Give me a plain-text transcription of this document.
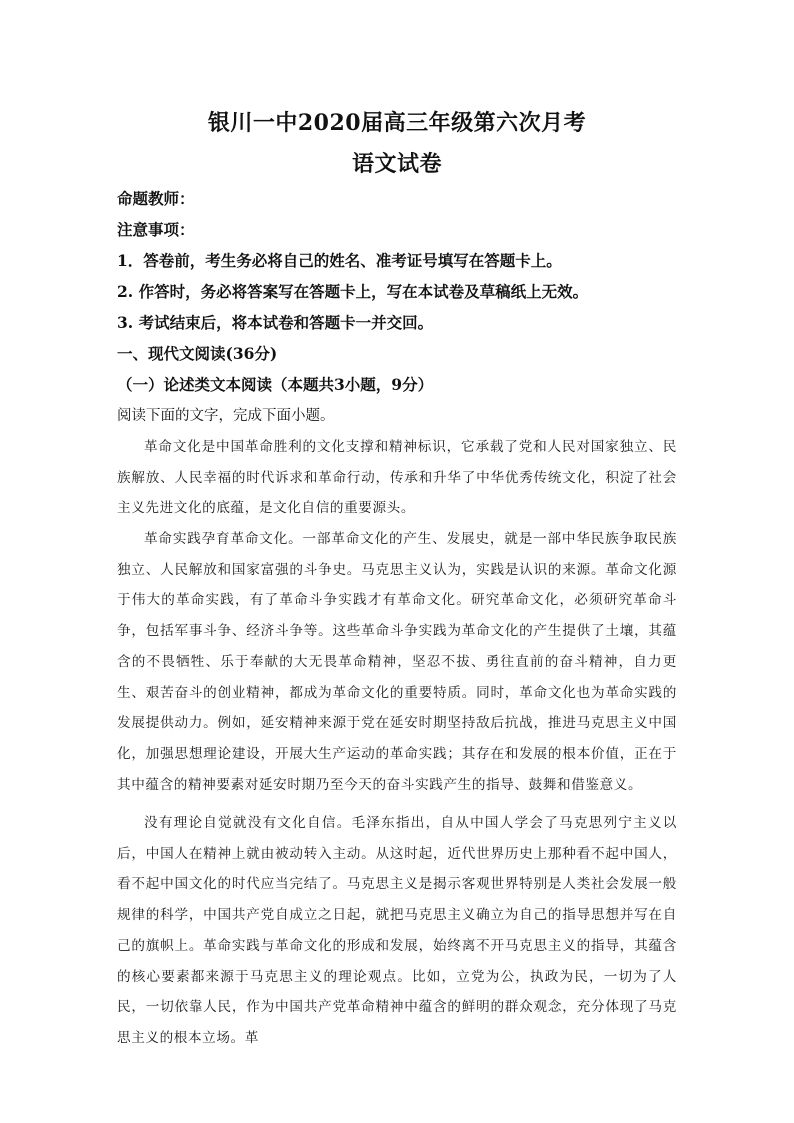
银川一中2020届高三年级第六次月考
语文试卷
命题教师：
注意事项：
1．答卷前，考生务必将自己的姓名、准考证号填写在答题卡上。
2. 作答时，务必将答案写在答题卡上，写在本试卷及草稿纸上无效。
3. 考试结束后，将本试卷和答题卡一并交回。
一、现代文阅读(36分)
（一）论述类文本阅读（本题共3小题，9分）
阅读下面的文字，完成下面小题。

革命文化是中国革命胜利的文化支撑和精神标识，它承载了党和人民对国家独立、民族解放、人民幸福的时代诉求和革命行动，传承和升华了中华优秀传统文化，积淀了社会主义先进文化的底蕴，是文化自信的重要源头。

革命实践孕育革命文化。一部革命文化的产生、发展史，就是一部中华民族争取民族独立、人民解放和国家富强的斗争史。马克思主义认为，实践是认识的来源。革命文化源于伟大的革命实践，有了革命斗争实践才有革命文化。研究革命文化，必须研究革命斗争，包括军事斗争、经济斗争等。这些革命斗争实践为革命文化的产生提供了土壤，其蕴含的不畏牺牲、乐于奉献的大无畏革命精神，坚忍不拔、勇往直前的奋斗精神，自力更生、艰苦奋斗的创业精神，都成为革命文化的重要特质。同时，革命文化也为革命实践的发展提供动力。例如，延安精神来源于党在延安时期坚持敌后抗战，推进马克思主义中国化，加强思想理论建设，开展大生产运动的革命实践；其存在和发展的根本价值，正在于其中蕴含的精神要素对延安时期乃至今天的奋斗实践产生的指导、鼓舞和借鉴意义。

没有理论自觉就没有文化自信。毛泽东指出，自从中国人学会了马克思列宁主义以后，中国人在精神上就由被动转入主动。从这时起，近代世界历史上那种看不起中国人，看不起中国文化的时代应当完结了。马克思主义是揭示客观世界特别是人类社会发展一般规律的科学，中国共产党自成立之日起，就把马克思主义确立为自己的指导思想并写在自己的旗帜上。革命实践与革命文化的形成和发展，始终离不开马克思主义的指导，其蕴含的核心要素都来源于马克思主义的理论观点。比如，立党为公，执政为民，一切为了人民，一切依靠人民，作为中国共产党革命精神中蕴含的鲜明的群众观念，充分体现了马克思主义的根本立场。革
